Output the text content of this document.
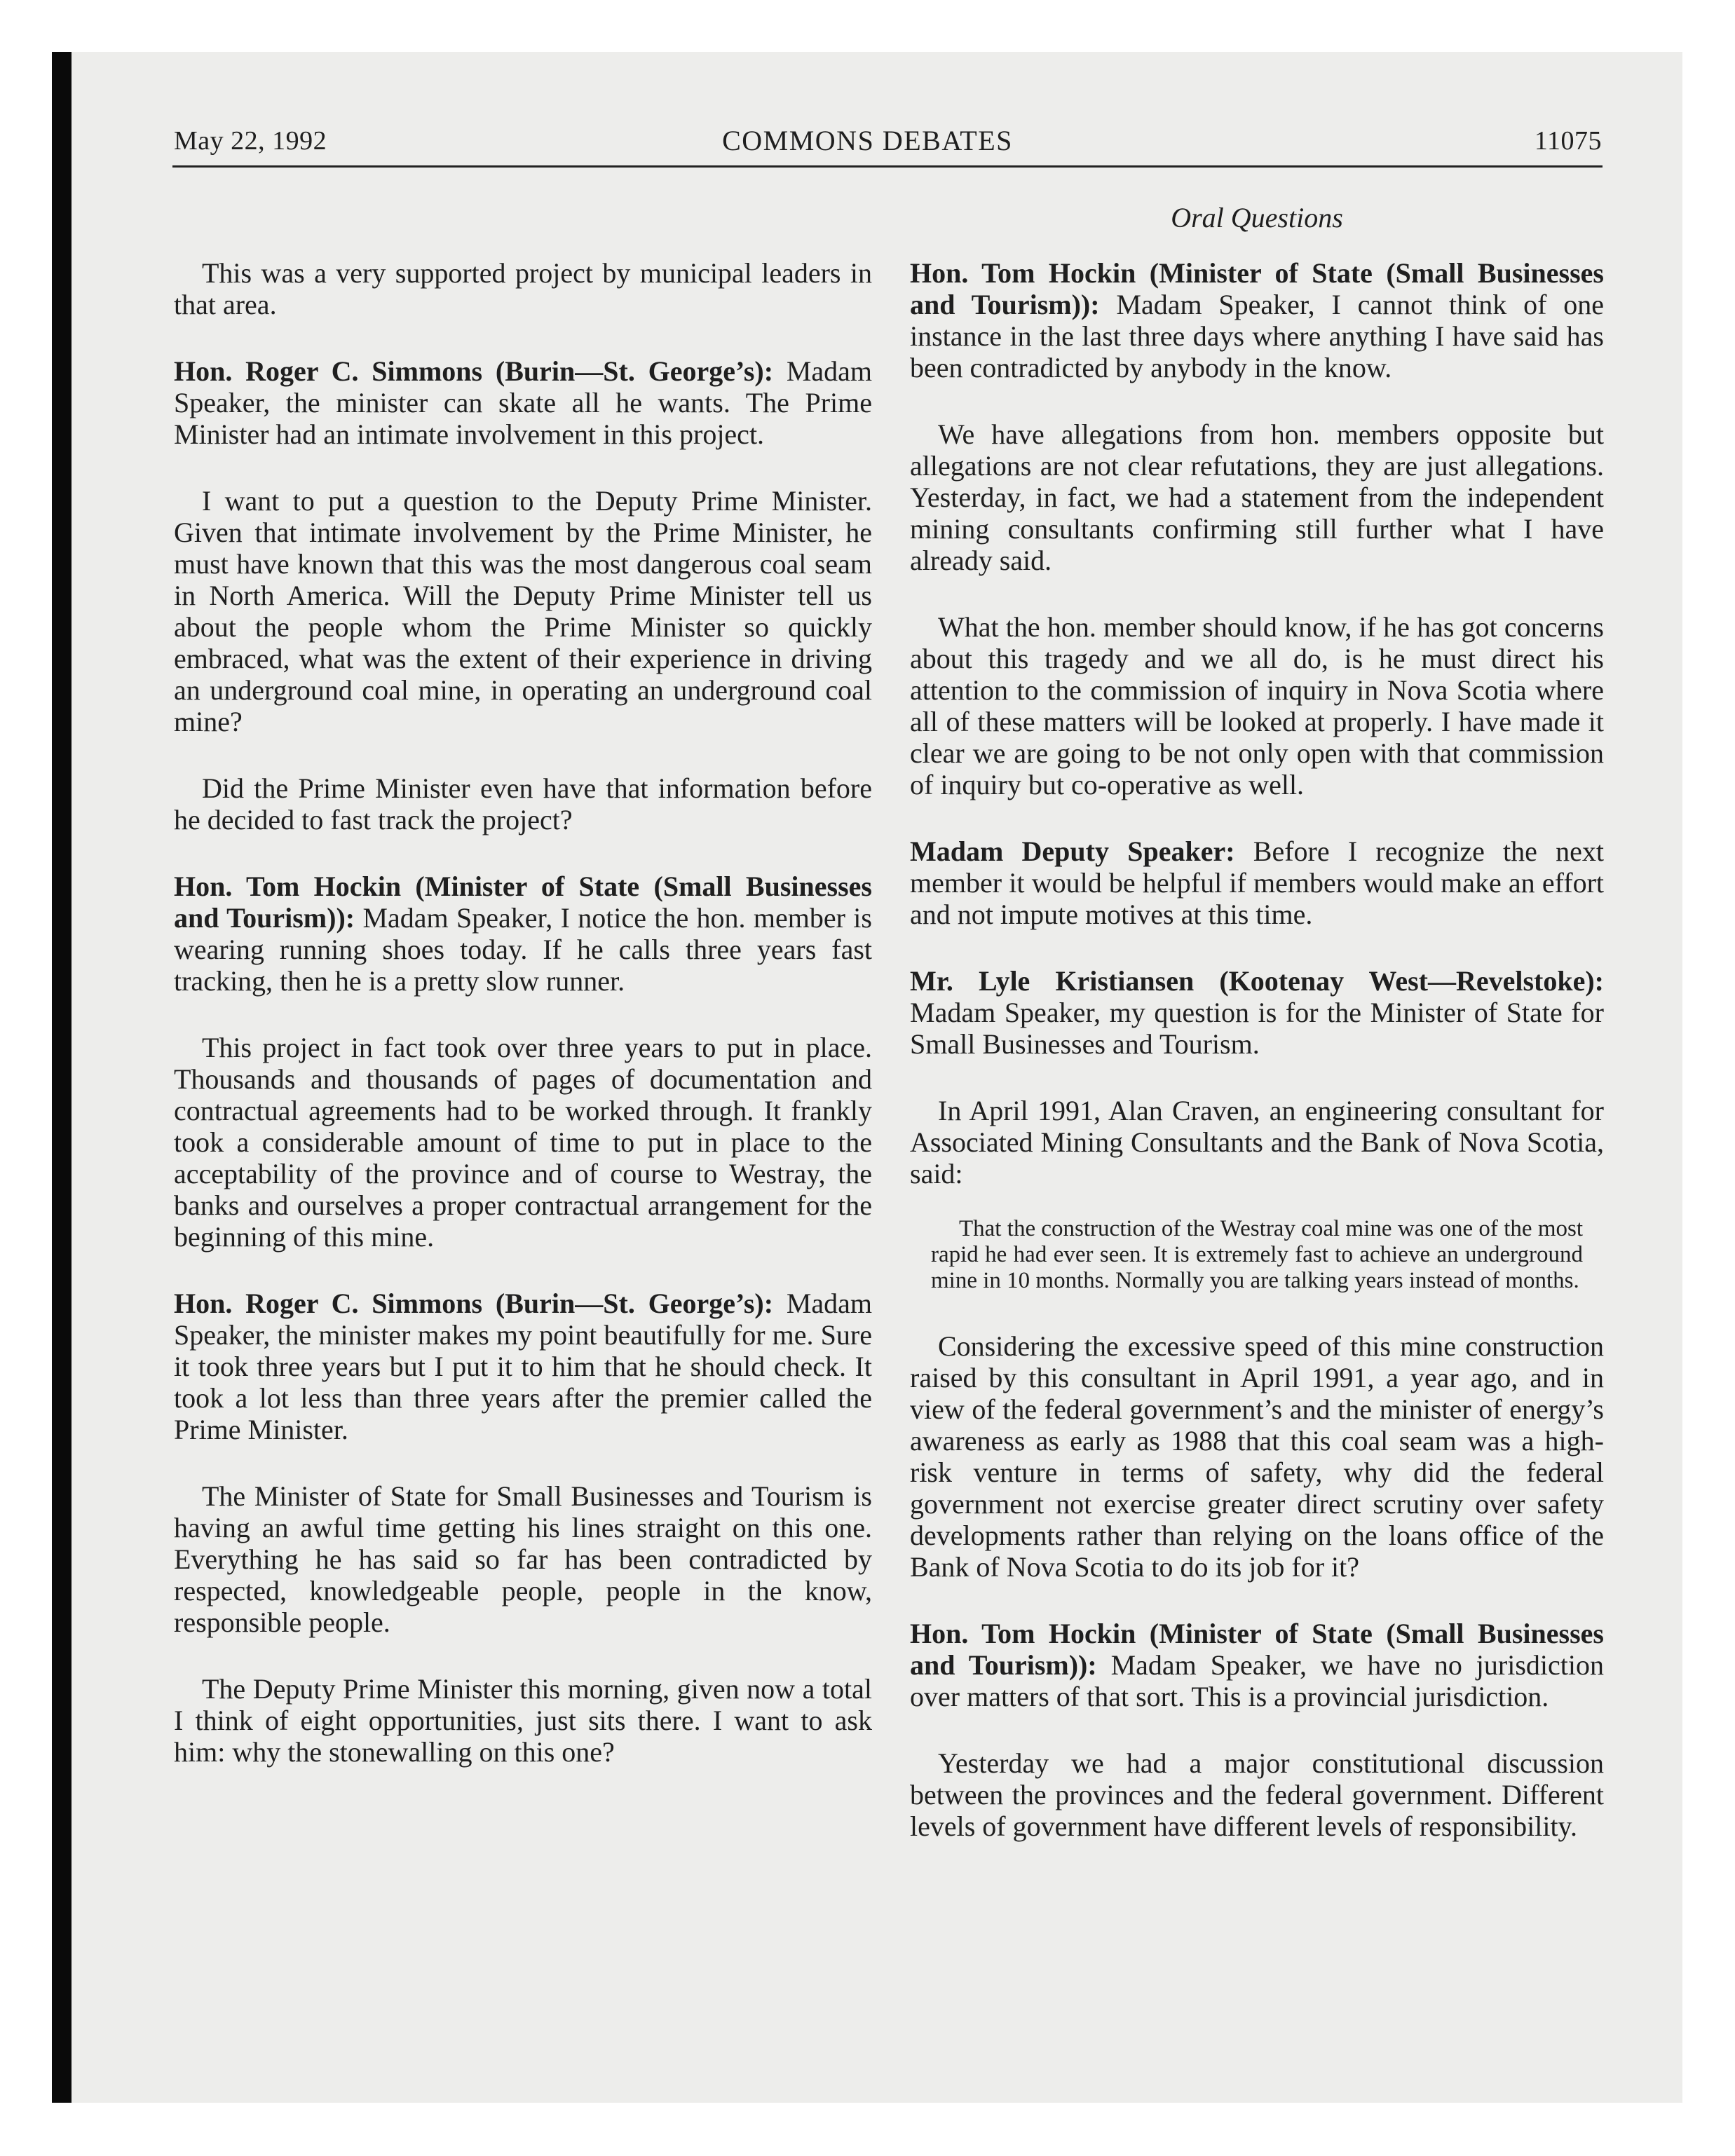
May 22, 1992	COMMONS DEBATES	11075
Oral Questions

This was a very supported project by municipal leaders in that area.

Hon. Roger C. Simmons (Burin—St. George’s): Madam Speaker, the minister can skate all he wants. The Prime Minister had an intimate involvement in this project.

I want to put a question to the Deputy Prime Minister. Given that intimate involvement by the Prime Minister, he must have known that this was the most dangerous coal seam in North America. Will the Deputy Prime Minister tell us about the people whom the Prime Minister so quickly embraced, what was the extent of their experience in driving an underground coal mine, in operating an underground coal mine?

Did the Prime Minister even have that information before he decided to fast track the project?

Hon. Tom Hockin (Minister of State (Small Businesses and Tourism)): Madam Speaker, I notice the hon. member is wearing running shoes today. If he calls three years fast tracking, then he is a pretty slow runner.

This project in fact took over three years to put in place. Thousands and thousands of pages of documentation and contractual agreements had to be worked through. It frankly took a considerable amount of time to put in place to the acceptability of the province and of course to Westray, the banks and ourselves a proper contractual arrangement for the beginning of this mine.

Hon. Roger C. Simmons (Burin—St. George’s): Madam Speaker, the minister makes my point beautifully for me. Sure it took three years but I put it to him that he should check. It took a lot less than three years after the premier called the Prime Minister.

The Minister of State for Small Businesses and Tourism is having an awful time getting his lines straight on this one. Everything he has said so far has been contradicted by respected, knowledgeable people, people in the know, responsible people.

The Deputy Prime Minister this morning, given now a total I think of eight opportunities, just sits there. I want to ask him: why the stonewalling on this one?

Hon. Tom Hockin (Minister of State (Small Businesses and Tourism)): Madam Speaker, I cannot think of one instance in the last three days where anything I have said has been contradicted by anybody in the know.

We have allegations from hon. members opposite but allegations are not clear refutations, they are just allegations. Yesterday, in fact, we had a statement from the independent mining consultants confirming still further what I have already said.

What the hon. member should know, if he has got concerns about this tragedy and we all do, is he must direct his attention to the commission of inquiry in Nova Scotia where all of these matters will be looked at properly. I have made it clear we are going to be not only open with that commission of inquiry but co-operative as well.

Madam Deputy Speaker: Before I recognize the next member it would be helpful if members would make an effort and not impute motives at this time.

Mr. Lyle Kristiansen (Kootenay West—Revelstoke): Madam Speaker, my question is for the Minister of State for Small Businesses and Tourism.

In April 1991, Alan Craven, an engineering consultant for Associated Mining Consultants and the Bank of Nova Scotia, said:

That the construction of the Westray coal mine was one of the most rapid he had ever seen. It is extremely fast to achieve an underground mine in 10 months. Normally you are talking years instead of months.

Considering the excessive speed of this mine construction raised by this consultant in April 1991, a year ago, and in view of the federal government’s and the minister of energy’s awareness as early as 1988 that this coal seam was a high-risk venture in terms of safety, why did the federal government not exercise greater direct scrutiny over safety developments rather than relying on the loans office of the Bank of Nova Scotia to do its job for it?

Hon. Tom Hockin (Minister of State (Small Businesses and Tourism)): Madam Speaker, we have no jurisdiction over matters of that sort. This is a provincial jurisdiction.

Yesterday we had a major constitutional discussion between the provinces and the federal government. Different levels of government have different levels of responsibility.
